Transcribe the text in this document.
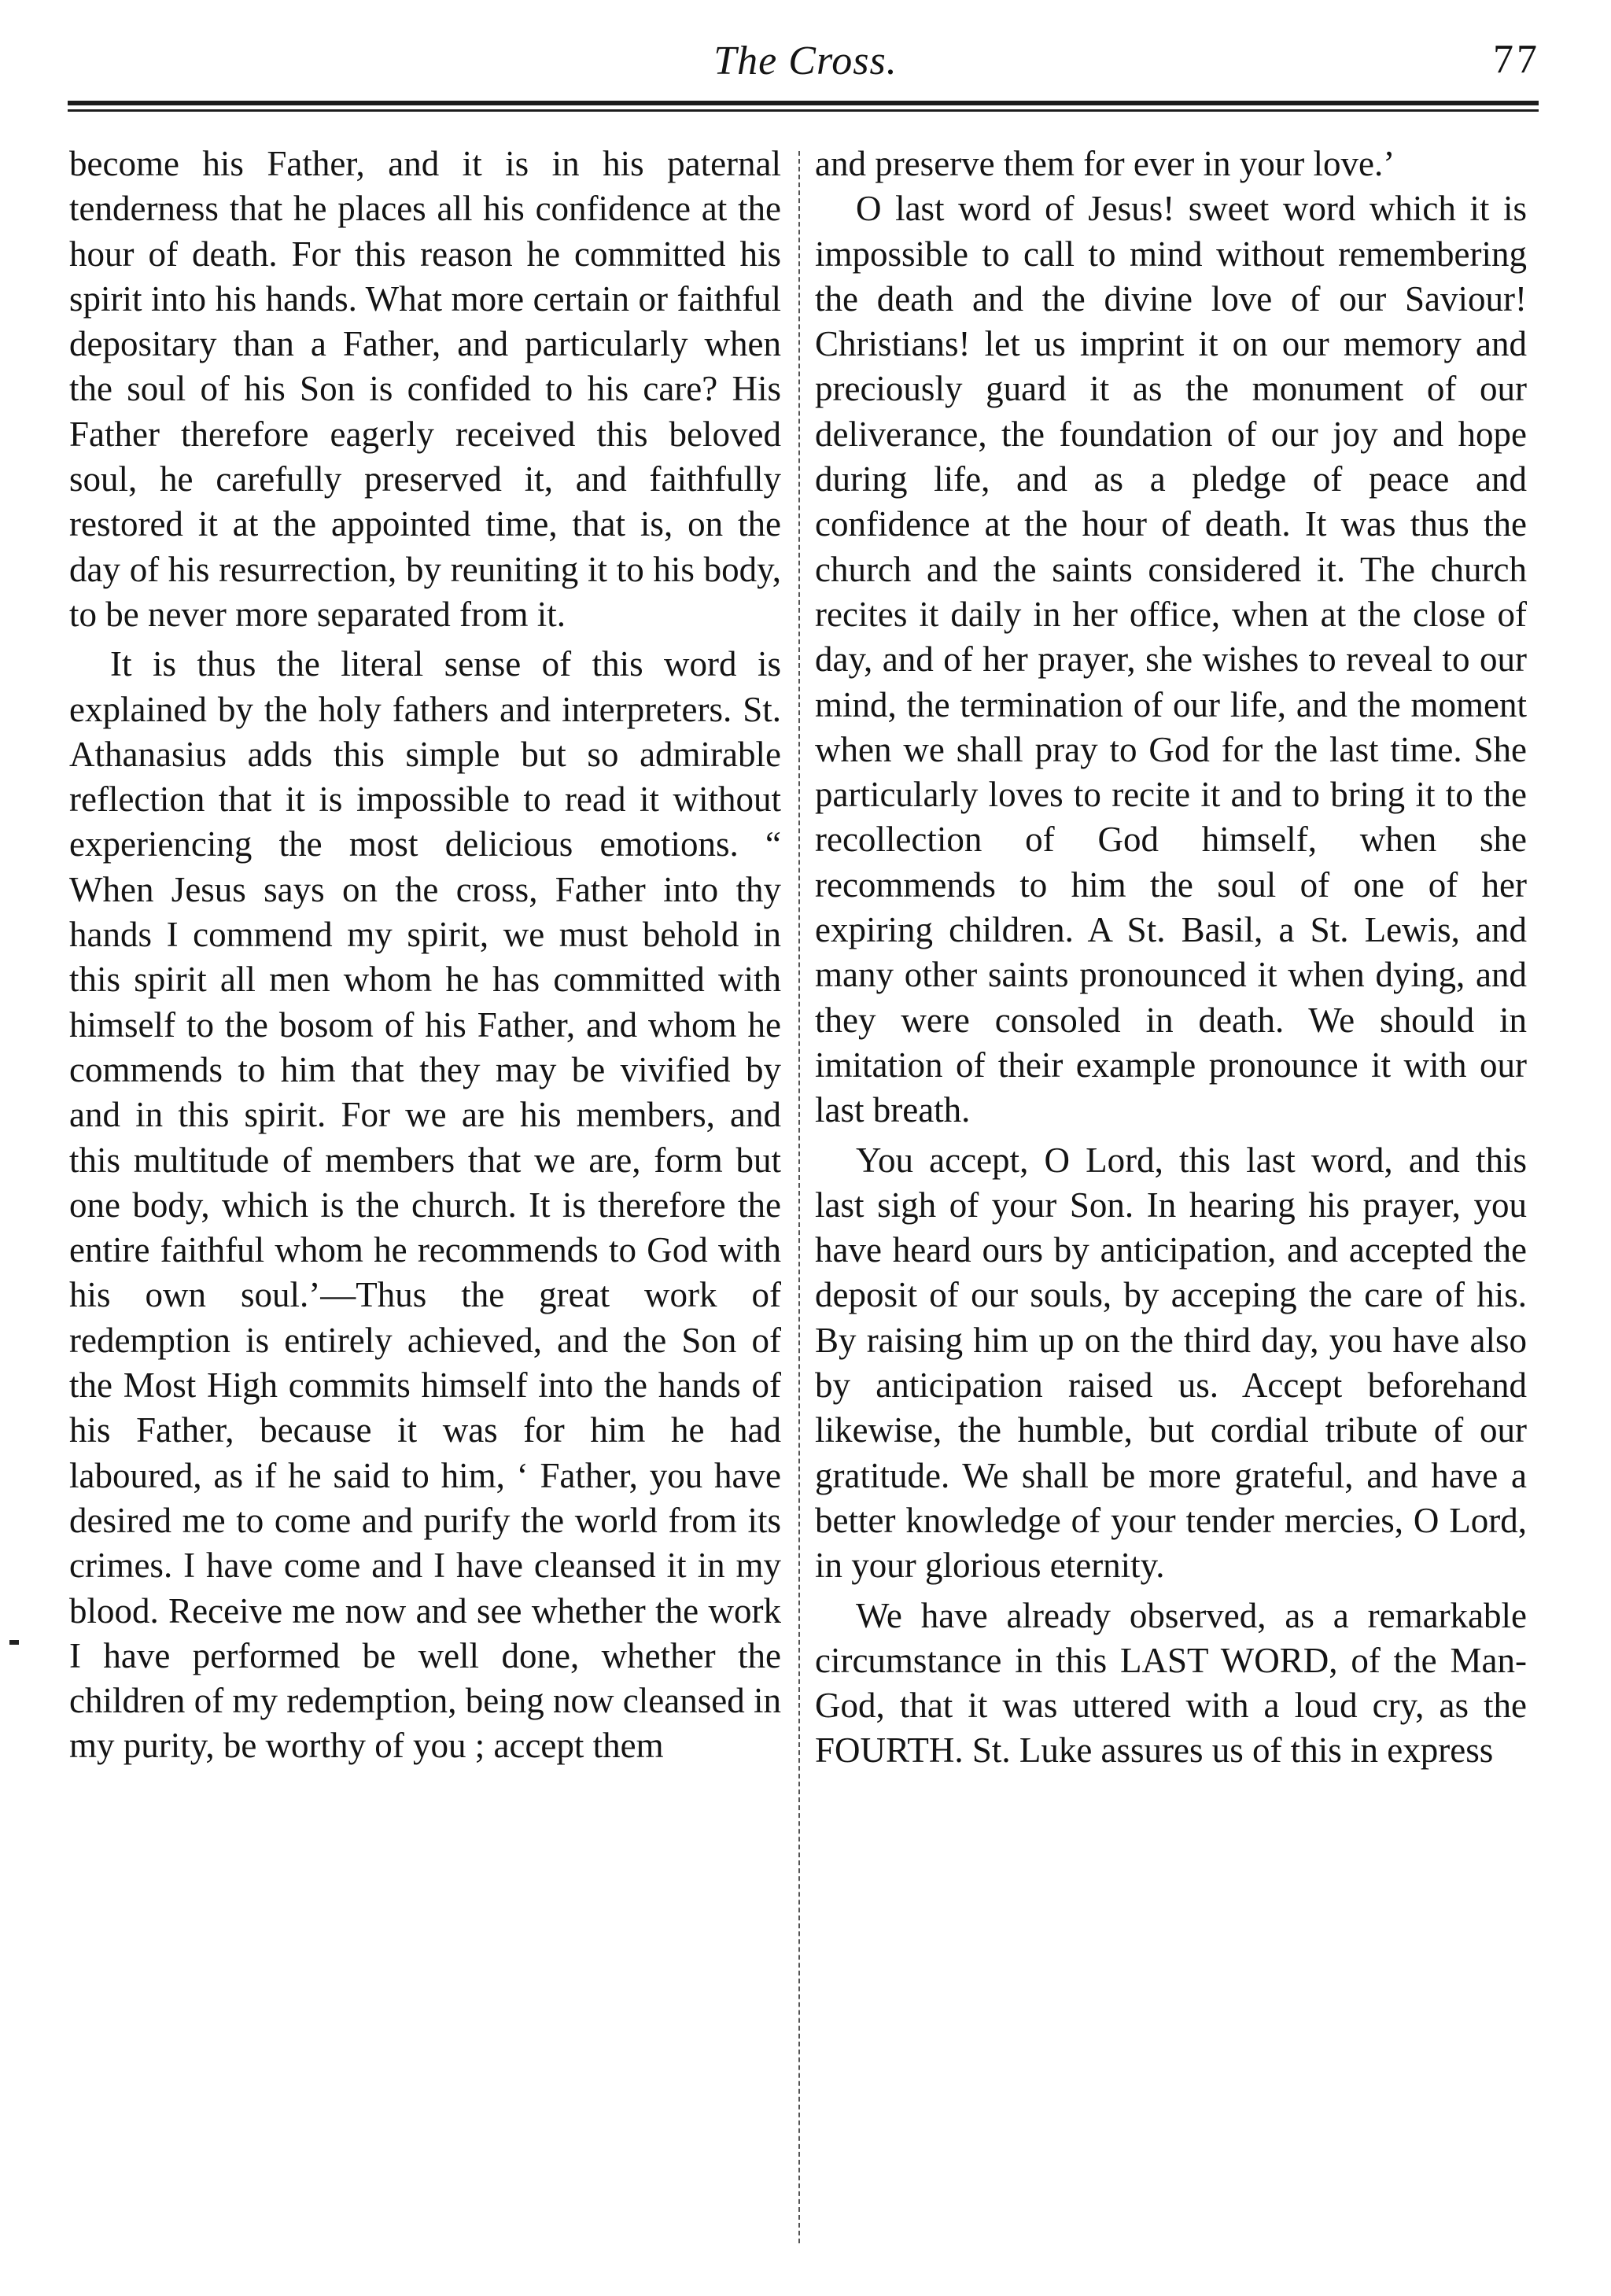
The Cross.	77

become his Father, and it is in his paternal tenderness that he places all his confidence at the hour of death. For this reason he committed his spirit into his hands. What more certain or faithful depositary than a Father, and particularly when the soul of his Son is confided to his care? His Father therefore eagerly received this beloved soul, he carefully preserved it, and faithfully restored it at the appointed time, that is, on the day of his resurrection, by reuniting it to his body, to be never more separated from it.

It is thus the literal sense of this word is explained by the holy fathers and interpreters. St. Athanasius adds this simple but so admirable reflection that it is impossible to read it without experiencing the most delicious emotions. “ When Jesus says on the cross, Father into thy hands I commend my spirit, we must behold in this spirit all men whom he has committed with himself to the bosom of his Father, and whom he commends to him that they may be vivified by and in this spirit. For we are his members, and this multitude of members that we are, form but one body, which is the church. It is therefore the entire faithful whom he recommends to God with his own soul.’—Thus the great work of redemption is entirely achieved, and the Son of the Most High commits himself into the hands of his Father, because it was for him he had laboured, as if he said to him, ‘ Father, you have desired me to come and purify the world from its crimes. I have come and I have cleansed it in my blood. Receive me now and see whether the work I have performed be well done, whether the children of my redemption, being now cleansed in my purity, be worthy of you ; accept them

and preserve them for ever in your love.’

O last word of Jesus! sweet word which it is impossible to call to mind without remembering the death and the divine love of our Saviour! Christians! let us imprint it on our memory and preciously guard it as the monument of our deliverance, the foundation of our joy and hope during life, and as a pledge of peace and confidence at the hour of death. It was thus the church and the saints considered it. The church recites it daily in her office, when at the close of day, and of her prayer, she wishes to reveal to our mind, the termination of our life, and the moment when we shall pray to God for the last time. She particularly loves to recite it and to bring it to the recollection of God himself, when she recommends to him the soul of one of her expiring children. A St. Basil, a St. Lewis, and many other saints pronounced it when dying, and they were consoled in death. We should in imitation of their example pronounce it with our last breath.

You accept, O Lord, this last word, and this last sigh of your Son. In hearing his prayer, you have heard ours by anticipation, and accepted the deposit of our souls, by acceping the care of his. By raising him up on the third day, you have also by anticipation raised us. Accept beforehand likewise, the humble, but cordial tribute of our gratitude. We shall be more grateful, and have a better knowledge of your tender mercies, O Lord, in your glorious eternity.

We have already observed, as a remarkable circumstance in this LAST WORD, of the Man-God, that it was uttered with a loud cry, as the FOURTH. St. Luke assures us of this in express
